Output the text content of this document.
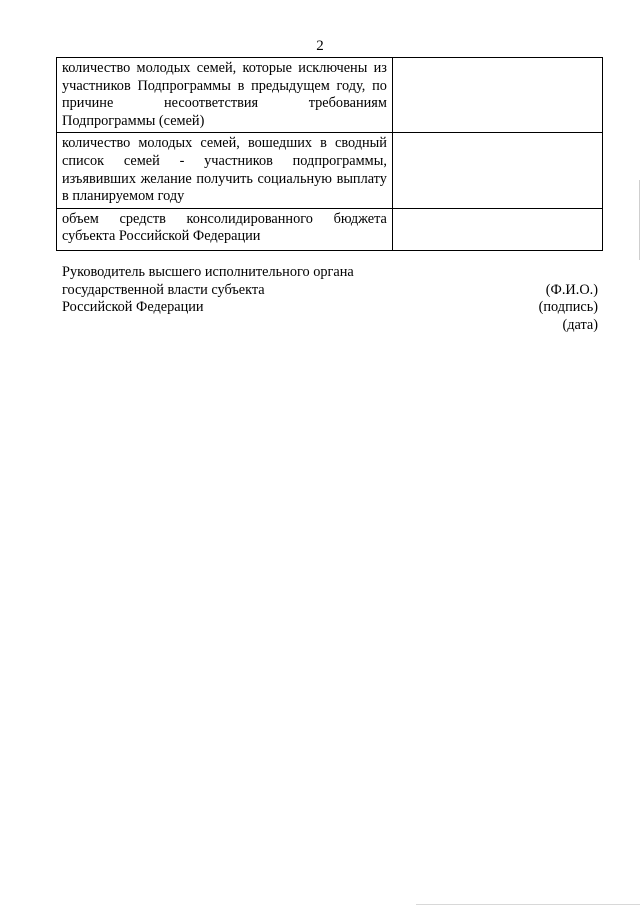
2
количество молодых семей, которые исключены из участников Подпрограммы в предыдущем году, по причине несоответствия требованиям Подпрограммы (семей)	
количество молодых семей, вошедших в сводный список семей - участников подпрограммы, изъявивших желание получить социальную выплату в планируемом году	
объем средств консолидированного бюджета субъекта Российской Федерации	
Руководитель высшего исполнительного органа
государственной власти субъекта
Российской Федерации
(Ф.И.О.)
(подпись)
(дата)
